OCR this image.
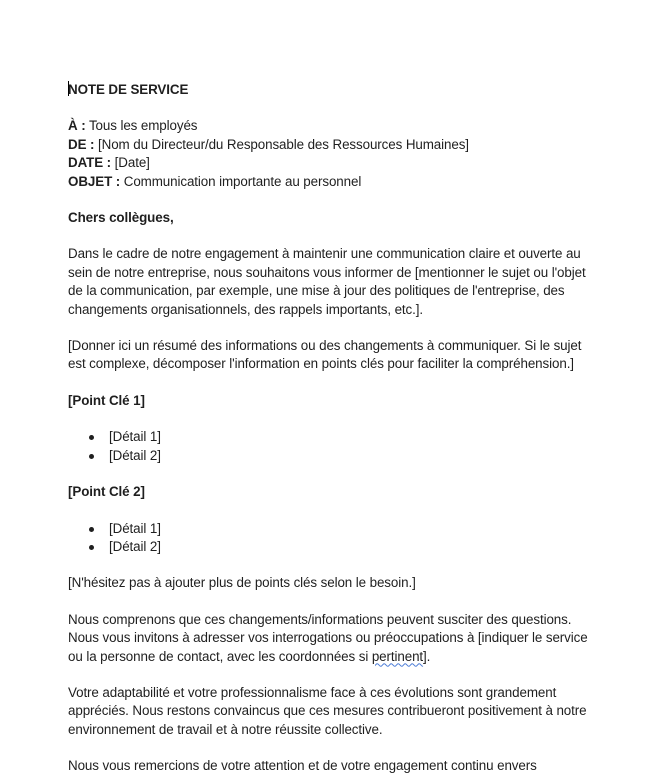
NOTE DE SERVICE

À : Tous les employés

DE : [Nom du Directeur/du Responsable des Ressources Humaines]

DATE : [Date]

OBJET : Communication importante au personnel

Chers collègues,

Dans le cadre de notre engagement à maintenir une communication claire et ouverte au sein de notre entreprise, nous souhaitons vous informer de [mentionner le sujet ou l'objet de la communication, par exemple, une mise à jour des politiques de l'entreprise, des changements organisationnels, des rappels importants, etc.].

[Donner ici un résumé des informations ou des changements à communiquer. Si le sujet est complexe, décomposer l'information en points clés pour faciliter la compréhension.]

[Point Clé 1]

[Détail 1]
[Détail 2]

[Point Clé 2]

[Détail 1]
[Détail 2]

[N'hésitez pas à ajouter plus de points clés selon le besoin.]

Nous comprenons que ces changements/informations peuvent susciter des questions. Nous vous invitons à adresser vos interrogations ou préoccupations à [indiquer le service ou la personne de contact, avec les coordonnées si pertinent].

Votre adaptabilité et votre professionnalisme face à ces évolutions sont grandement appréciés. Nous restons convaincus que ces mesures contribueront positivement à notre environnement de travail et à notre réussite collective.

Nous vous remercions de votre attention et de votre engagement continu envers
